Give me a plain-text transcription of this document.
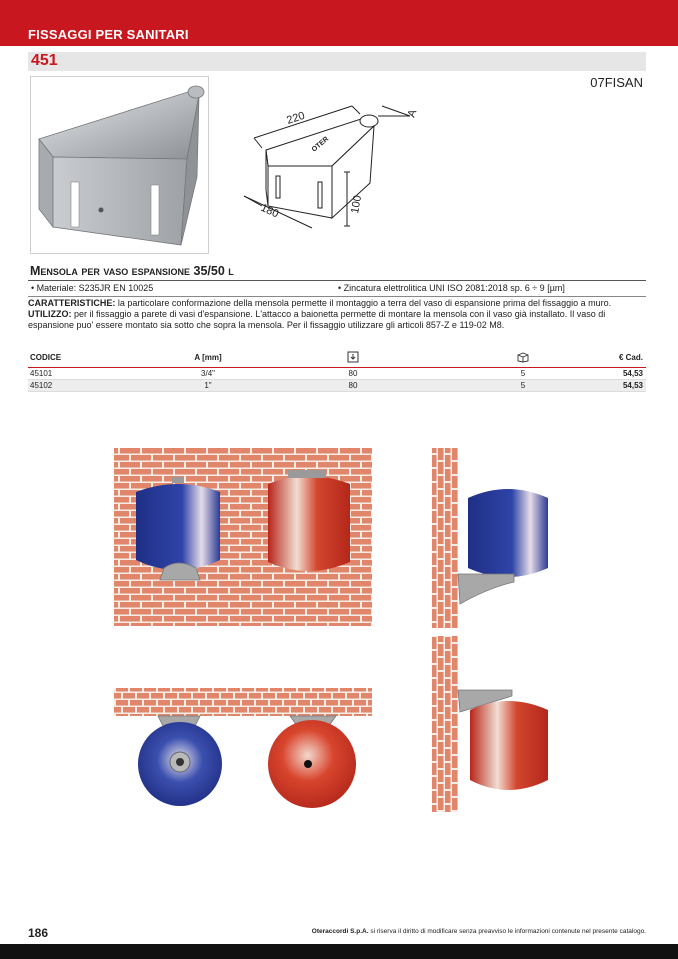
FISSAGGI PER SANITARI
451
07FISAN
220
180	100
A
OTER
Mensola per vaso espansione 35/50 l
• Materiale: S235JR EN 10025	• Zincatura elettrolitica UNI ISO 2081:2018 sp. 6 ÷ 9 [µm]
CARATTERISTICHE: la particolare conformazione della mensola permette il montaggio a terra del vaso di espansione prima del fissaggio a muro.
UTILIZZO: per il fissaggio a parete di vasi d'espansione. L'attacco a baionetta permette di montare la mensola con il vaso già installato. Il vaso di espansione puo' essere montato sia sotto che sopra la mensola. Per il fissaggio utilizzare gli articoli 857-Z e 119-02 M8.
CODICE	A [mm]	€ Cad.
45101	3/4"	80	5	54,53
45102	1"	80	5	54,53
186	Oteraccordi S.p.A. si riserva il diritto di modificare senza preavviso le informazioni contenute nel presente catalogo.
